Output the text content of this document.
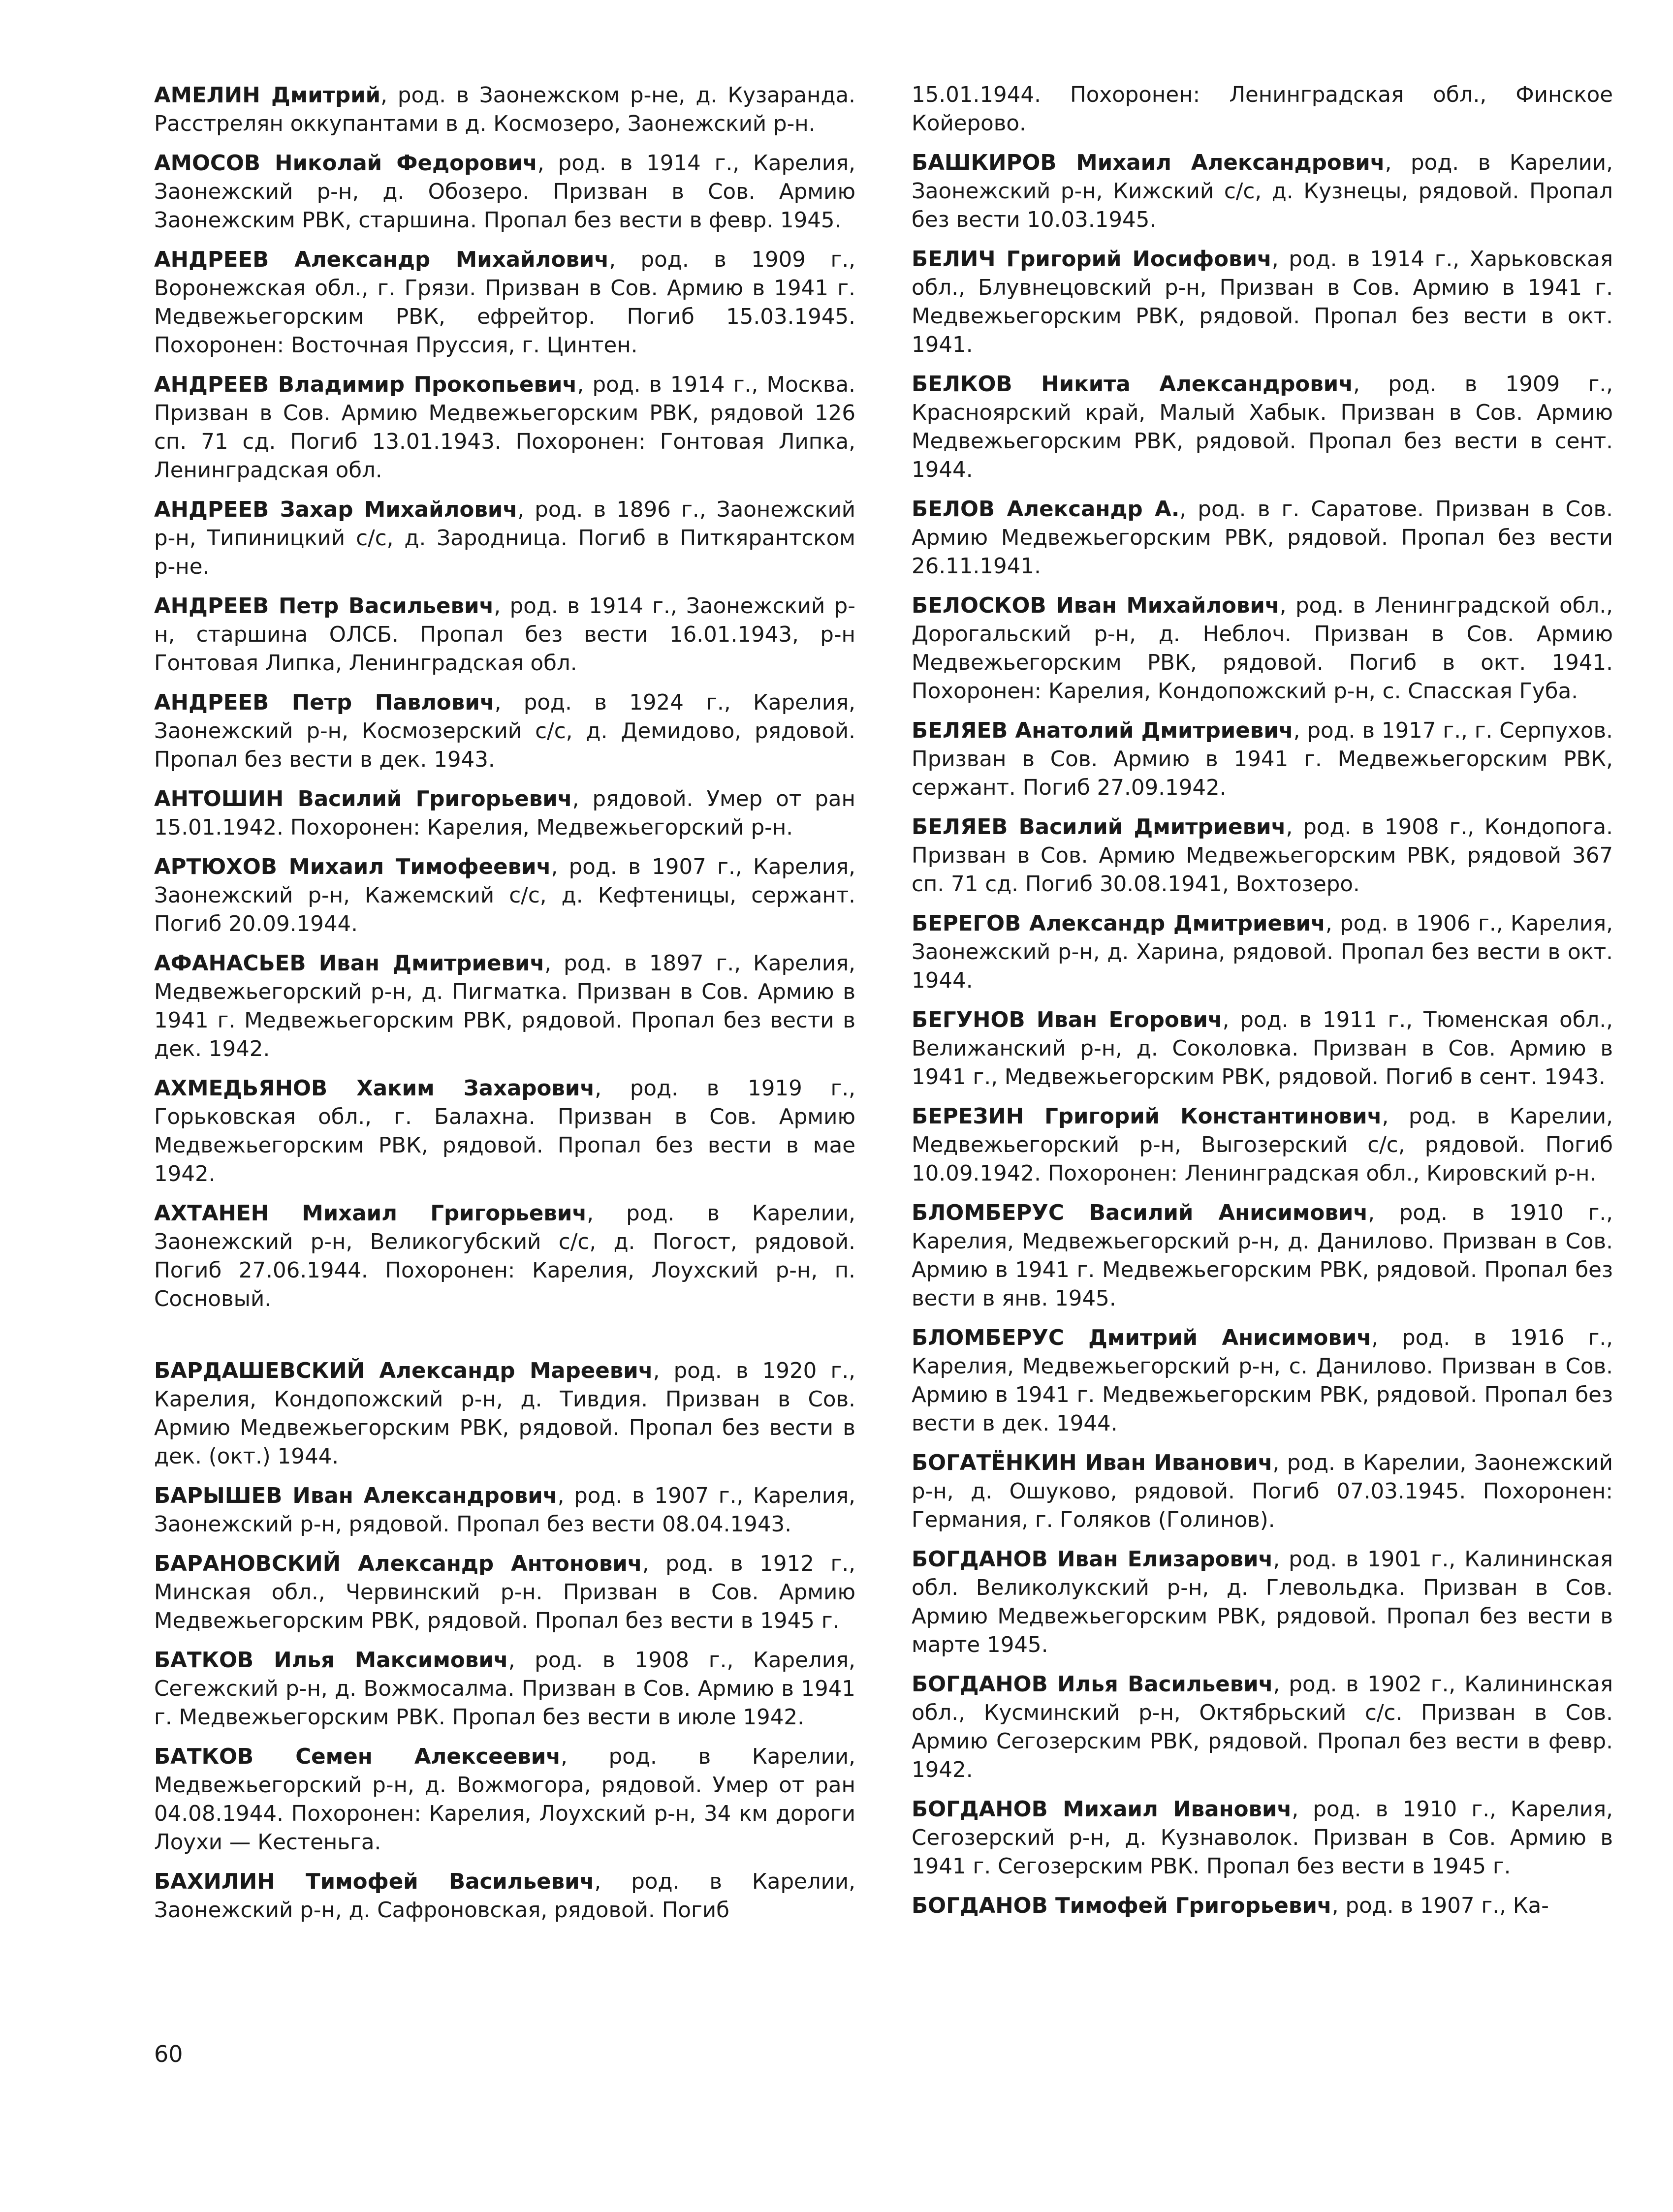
АМЕЛИН Дмитрий, род. в Заонежском р-не, д. Кузаранда. Расстрелян оккупантами в д. Космозеро, Заонежский р-н.

АМОСОВ Николай Федорович, род. в 1914 г., Карелия, Заонежский р-н, д. Обозеро. Призван в Сов. Армию Заонежским РВК, старшина. Пропал без вести в февр. 1945.

АНДРЕЕВ Александр Михайлович, род. в 1909 г., Воронежская обл., г. Грязи. Призван в Сов. Армию в 1941 г. Медвежьегорским РВК, ефрейтор. Погиб 15.03.1945. Похоронен: Восточная Пруссия, г. Цинтен.

АНДРЕЕВ Владимир Прокопьевич, род. в 1914 г., Москва. Призван в Сов. Армию Медвежьегорским РВК, рядовой 126 сп. 71 сд. Погиб 13.01.1943. Похоронен: Гонтовая Липка, Ленинградская обл.

АНДРЕЕВ Захар Михайлович, род. в 1896 г., Заонежский р-н, Типиницкий с/с, д. Зародница. Погиб в Питкярантском р-не.

АНДРЕЕВ Петр Васильевич, род. в 1914 г., Заонежский р-н, старшина ОЛСБ. Пропал без вести 16.01.1943, р-н Гонтовая Липка, Ленинградская обл.

АНДРЕЕВ Петр Павлович, род. в 1924 г., Карелия, Заонежский р-н, Космозерский с/с, д. Демидово, рядовой. Пропал без вести в дек. 1943.

АНТОШИН Василий Григорьевич, рядовой. Умер от ран 15.01.1942. Похоронен: Карелия, Медвежьегорский р-н.

АРТЮХОВ Михаил Тимофеевич, род. в 1907 г., Карелия, Заонежский р-н, Кажемский с/с, д. Кефтеницы, сержант. Погиб 20.09.1944.

АФАНАСЬЕВ Иван Дмитриевич, род. в 1897 г., Карелия, Медвежьегорский р-н, д. Пигматка. Призван в Сов. Армию в 1941 г. Медвежьегорским РВК, рядовой. Пропал без вести в дек. 1942.

АХМЕДЬЯНОВ Хаким Захарович, род. в 1919 г., Горьковская обл., г. Балахна. Призван в Сов. Армию Медвежьегорским РВК, рядовой. Пропал без вести в мае 1942.

АХТАНЕН Михаил Григорьевич, род. в Карелии, Заонежский р-н, Великогубский с/с, д. Погост, рядовой. Погиб 27.06.1944. Похоронен: Карелия, Лоухский р-н, п. Сосновый.

БАРДАШЕВСКИЙ Александр Мареевич, род. в 1920 г., Карелия, Кондопожский р-н, д. Тивдия. Призван в Сов. Армию Медвежьегорским РВК, рядовой. Пропал без вести в дек. (окт.) 1944.

БАРЫШЕВ Иван Александрович, род. в 1907 г., Карелия, Заонежский р-н, рядовой. Пропал без вести 08.04.1943.

БАРАНОВСКИЙ Александр Антонович, род. в 1912 г., Минская обл., Червинский р-н. Призван в Сов. Армию Медвежьегорским РВК, рядовой. Пропал без вести в 1945 г.

БАТКОВ Илья Максимович, род. в 1908 г., Карелия, Сегежский р-н, д. Вожмосалма. Призван в Сов. Армию в 1941 г. Медвежьегорским РВК. Пропал без вести в июле 1942.

БАТКОВ Семен Алексеевич, род. в Карелии, Медвежьегорский р-н, д. Вожмогора, рядовой. Умер от ран 04.08.1944. Похоронен: Карелия, Лоухский р-н, 34 км дороги Лоухи — Кестеньга.

БАХИЛИН Тимофей Васильевич, род. в Карелии, Заонежский р-н, д. Сафроновская, рядовой. Погиб

15.01.1944. Похоронен: Ленинградская обл., Финское Койерово.

БАШКИРОВ Михаил Александрович, род. в Карелии, Заонежский р-н, Кижский с/с, д. Кузнецы, рядовой. Пропал без вести 10.03.1945.

БЕЛИЧ Григорий Иосифович, род. в 1914 г., Харьковская обл., Блувнецовский р-н, Призван в Сов. Армию в 1941 г. Медвежьегорским РВК, рядовой. Пропал без вести в окт. 1941.

БЕЛКОВ Никита Александрович, род. в 1909 г., Красноярский край, Малый Хабык. Призван в Сов. Армию Медвежьегорским РВК, рядовой. Пропал без вести в сент. 1944.

БЕЛОВ Александр А., род. в г. Саратове. Призван в Сов. Армию Медвежьегорским РВК, рядовой. Пропал без вести 26.11.1941.

БЕЛОСКОВ Иван Михайлович, род. в Ленинградской обл., Дорогальский р-н, д. Неблоч. Призван в Сов. Армию Медвежьегорским РВК, рядовой. Погиб в окт. 1941. Похоронен: Карелия, Кондопожский р-н, с. Спасская Губа.

БЕЛЯЕВ Анатолий Дмитриевич, род. в 1917 г., г. Серпухов. Призван в Сов. Армию в 1941 г. Медвежьегорским РВК, сержант. Погиб 27.09.1942.

БЕЛЯЕВ Василий Дмитриевич, род. в 1908 г., Кондопога. Призван в Сов. Армию Медвежьегорским РВК, рядовой 367 сп. 71 сд. Погиб 30.08.1941, Вохтозеро.

БЕРЕГОВ Александр Дмитриевич, род. в 1906 г., Карелия, Заонежский р-н, д. Харина, рядовой. Пропал без вести в окт. 1944.

БЕГУНОВ Иван Егорович, род. в 1911 г., Тюменская обл., Велижанский р-н, д. Соколовка. Призван в Сов. Армию в 1941 г., Медвежьегорским РВК, рядовой. Погиб в сент. 1943.

БЕРЕЗИН Григорий Константинович, род. в Карелии, Медвежьегорский р-н, Выгозерский с/с, рядовой. Погиб 10.09.1942. Похоронен: Ленинградская обл., Кировский р-н.

БЛОМБЕРУС Василий Анисимович, род. в 1910 г., Карелия, Медвежьегорский р-н, д. Данилово. Призван в Сов. Армию в 1941 г. Медвежьегорским РВК, рядовой. Пропал без вести в янв. 1945.

БЛОМБЕРУС Дмитрий Анисимович, род. в 1916 г., Карелия, Медвежьегорский р-н, с. Данилово. Призван в Сов. Армию в 1941 г. Медвежьегорским РВК, рядовой. Пропал без вести в дек. 1944.

БОГАТЁНКИН Иван Иванович, род. в Карелии, Заонежский р-н, д. Ошуково, рядовой. Погиб 07.03.1945. Похоронен: Германия, г. Голяков (Голинов).

БОГДАНОВ Иван Елизарович, род. в 1901 г., Калининская обл. Великолукский р-н, д. Глевольдка. Призван в Сов. Армию Медвежьегорским РВК, рядовой. Пропал без вести в марте 1945.

БОГДАНОВ Илья Васильевич, род. в 1902 г., Калининская обл., Кусминский р-н, Октябрьский с/с. Призван в Сов. Армию Сегозерским РВК, рядовой. Пропал без вести в февр. 1942.

БОГДАНОВ Михаил Иванович, род. в 1910 г., Карелия, Сегозерский р-н, д. Кузнаволок. Призван в Сов. Армию в 1941 г. Сегозерским РВК. Пропал без вести в 1945 г.

БОГДАНОВ Тимофей Григорьевич, род. в 1907 г., Ка-

60
